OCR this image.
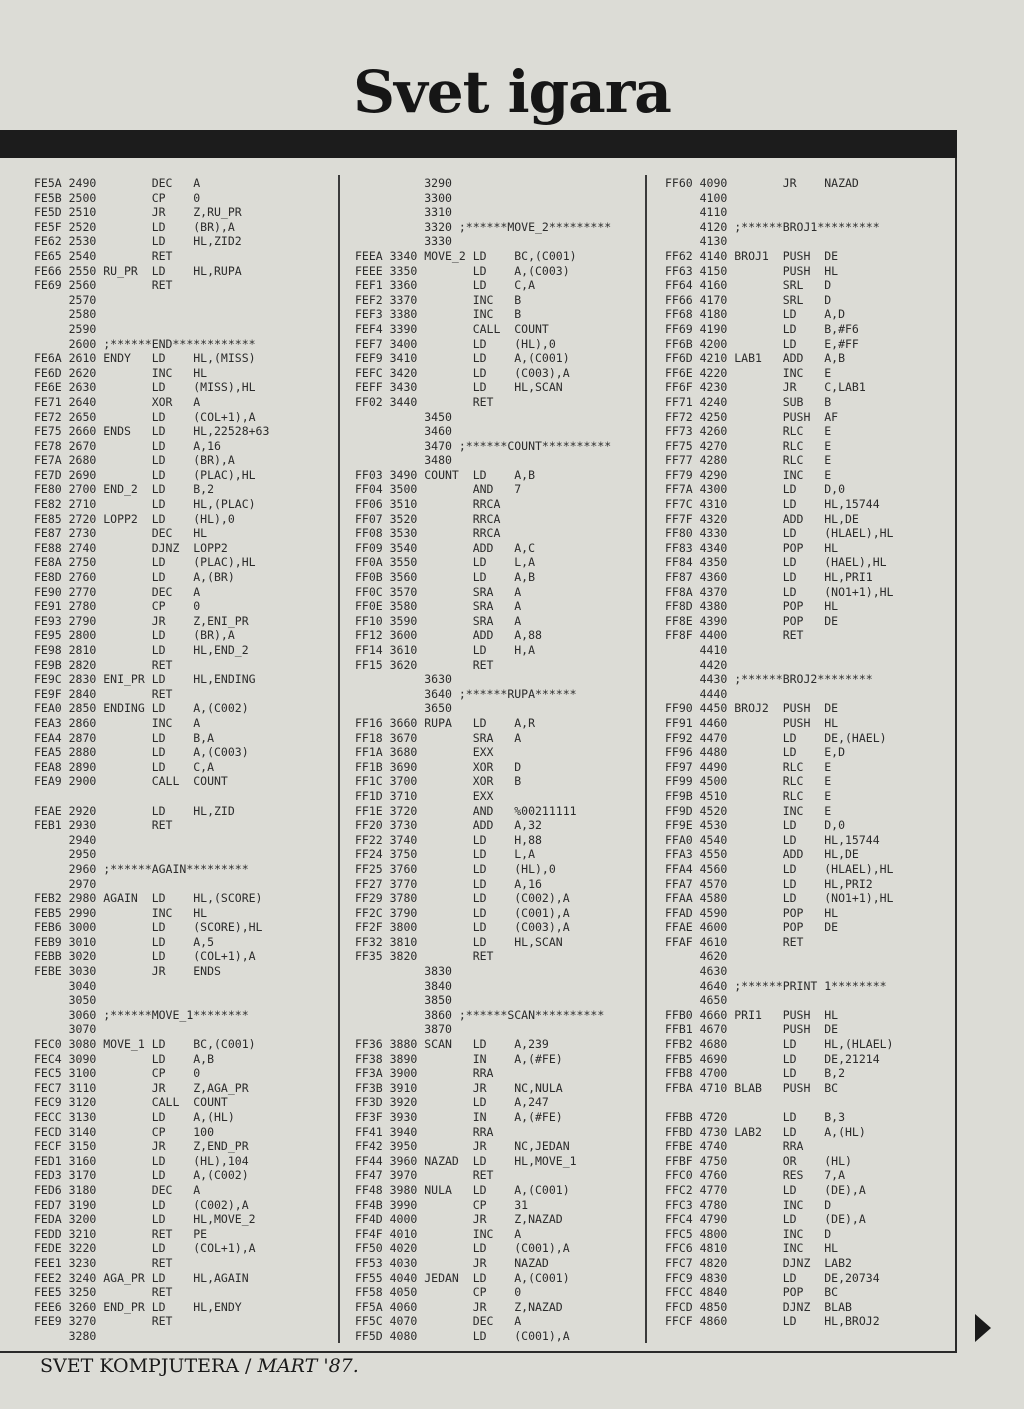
Svet igara
FE5A 2490        DEC   A
FE5B 2500        CP    0
FE5D 2510        JR    Z,RU_PR
FE5F 2520        LD    (BR),A
FE62 2530        LD    HL,ZID2
FE65 2540        RET
FE66 2550 RU_PR  LD    HL,RUPA
FE69 2560        RET
2570
2580
2590
2600 ;******END************
FE6A 2610 ENDY   LD    HL,(MISS)
FE6D 2620        INC   HL
FE6E 2630        LD    (MISS),HL
FE71 2640        XOR   A
FE72 2650        LD    (COL+1),A
FE75 2660 ENDS   LD    HL,22528+63
FE78 2670        LD    A,16
FE7A 2680        LD    (BR),A
FE7D 2690        LD    (PLAC),HL
FE80 2700 END_2  LD    B,2
FE82 2710        LD    HL,(PLAC)
FE85 2720 LOPP2  LD    (HL),0
FE87 2730        DEC   HL
FE88 2740        DJNZ  LOPP2
FE8A 2750        LD    (PLAC),HL
FE8D 2760        LD    A,(BR)
FE90 2770        DEC   A
FE91 2780        CP    0
FE93 2790        JR    Z,ENI_PR
FE95 2800        LD    (BR),A
FE98 2810        LD    HL,END_2
FE9B 2820        RET
FE9C 2830 ENI_PR LD    HL,ENDING
FE9F 2840        RET
FEA0 2850 ENDING LD    A,(C002)
FEA3 2860        INC   A
FEA4 2870        LD    B,A
FEA5 2880        LD    A,(C003)
FEA8 2890        LD    C,A
FEA9 2900        CALL  COUNT
FEAE 2920        LD    HL,ZID
FEB1 2930        RET
2940
2950
2960 ;******AGAIN*********
2970
FEB2 2980 AGAIN  LD    HL,(SCORE)
FEB5 2990        INC   HL
FEB6 3000        LD    (SCORE),HL
FEB9 3010        LD    A,5
FEBB 3020        LD    (COL+1),A
FEBE 3030        JR    ENDS
3040
3050
3060 ;******MOVE_1********
3070
FEC0 3080 MOVE_1 LD    BC,(C001)
FEC4 3090        LD    A,B
FEC5 3100        CP    0
FEC7 3110        JR    Z,AGA_PR
FEC9 3120        CALL  COUNT
FECC 3130        LD    A,(HL)
FECD 3140        CP    100
FECF 3150        JR    Z,END_PR
FED1 3160        LD    (HL),104
FED3 3170        LD    A,(C002)
FED6 3180        DEC   A
FED7 3190        LD    (C002),A
FEDA 3200        LD    HL,MOVE_2
FEDD 3210        RET   PE
FEDE 3220        LD    (COL+1),A
FEE1 3230        RET
FEE2 3240 AGA_PR LD    HL,AGAIN
FEE5 3250        RET
FEE6 3260 END_PR LD    HL,ENDY
FEE9 3270        RET
3280
3290
3300
3310
3320 ;******MOVE_2*********
3330
FEEA 3340 MOVE_2 LD    BC,(C001)
FEEE 3350        LD    A,(C003)
FEF1 3360        LD    C,A
FEF2 3370        INC   B
FEF3 3380        INC   B
FEF4 3390        CALL  COUNT
FEF7 3400        LD    (HL),0
FEF9 3410        LD    A,(C001)
FEFC 3420        LD    (C003),A
FEFF 3430        LD    HL,SCAN
FF02 3440        RET
3450
3460
3470 ;******COUNT**********
3480
FF03 3490 COUNT  LD    A,B
FF04 3500        AND   7
FF06 3510        RRCA
FF07 3520        RRCA
FF08 3530        RRCA
FF09 3540        ADD   A,C
FF0A 3550        LD    L,A
FF0B 3560        LD    A,B
FF0C 3570        SRA   A
FF0E 3580        SRA   A
FF10 3590        SRA   A
FF12 3600        ADD   A,88
FF14 3610        LD    H,A
FF15 3620        RET
3630
3640 ;******RUPA******
3650
FF16 3660 RUPA   LD    A,R
FF18 3670        SRA   A
FF1A 3680        EXX
FF1B 3690        XOR   D
FF1C 3700        XOR   B
FF1D 3710        EXX
FF1E 3720        AND   %00211111
FF20 3730        ADD   A,32
FF22 3740        LD    H,88
FF24 3750        LD    L,A
FF25 3760        LD    (HL),0
FF27 3770        LD    A,16
FF29 3780        LD    (C002),A
FF2C 3790        LD    (C001),A
FF2F 3800        LD    (C003),A
FF32 3810        LD    HL,SCAN
FF35 3820        RET
3830
3840
3850
3860 ;******SCAN**********
3870
FF36 3880 SCAN   LD    A,239
FF38 3890        IN    A,(#FE)
FF3A 3900        RRA
FF3B 3910        JR    NC,NULA
FF3D 3920        LD    A,247
FF3F 3930        IN    A,(#FE)
FF41 3940        RRA
FF42 3950        JR    NC,JEDAN
FF44 3960 NAZAD  LD    HL,MOVE_1
FF47 3970        RET
FF48 3980 NULA   LD    A,(C001)
FF4B 3990        CP    31
FF4D 4000        JR    Z,NAZAD
FF4F 4010        INC   A
FF50 4020        LD    (C001),A
FF53 4030        JR    NAZAD
FF55 4040 JEDAN  LD    A,(C001)
FF58 4050        CP    0
FF5A 4060        JR    Z,NAZAD
FF5C 4070        DEC   A
FF5D 4080        LD    (C001),A
FF60 4090        JR    NAZAD
4100
4110
4120 ;******BROJ1*********
4130
FF62 4140 BROJ1  PUSH  DE
FF63 4150        PUSH  HL
FF64 4160        SRL   D
FF66 4170        SRL   D
FF68 4180        LD    A,D
FF69 4190        LD    B,#F6
FF6B 4200        LD    E,#FF
FF6D 4210 LAB1   ADD   A,B
FF6E 4220        INC   E
FF6F 4230        JR    C,LAB1
FF71 4240        SUB   B
FF72 4250        PUSH  AF
FF73 4260        RLC   E
FF75 4270        RLC   E
FF77 4280        RLC   E
FF79 4290        INC   E
FF7A 4300        LD    D,0
FF7C 4310        LD    HL,15744
FF7F 4320        ADD   HL,DE
FF80 4330        LD    (HLAEL),HL
FF83 4340        POP   HL
FF84 4350        LD    (HAEL),HL
FF87 4360        LD    HL,PRI1
FF8A 4370        LD    (NO1+1),HL
FF8D 4380        POP   HL
FF8E 4390        POP   DE
FF8F 4400        RET
4410
4420
4430 ;******BROJ2********
4440
FF90 4450 BROJ2  PUSH  DE
FF91 4460        PUSH  HL
FF92 4470        LD    DE,(HAEL)
FF96 4480        LD    E,D
FF97 4490        RLC   E
FF99 4500        RLC   E
FF9B 4510        RLC   E
FF9D 4520        INC   E
FF9E 4530        LD    D,0
FFA0 4540        LD    HL,15744
FFA3 4550        ADD   HL,DE
FFA4 4560        LD    (HLAEL),HL
FFA7 4570        LD    HL,PRI2
FFAA 4580        LD    (NO1+1),HL
FFAD 4590        POP   HL
FFAE 4600        POP   DE
FFAF 4610        RET
4620
4630
4640 ;******PRINT 1********
4650
FFB0 4660 PRI1   PUSH  HL
FFB1 4670        PUSH  DE
FFB2 4680        LD    HL,(HLAEL)
FFB5 4690        LD    DE,21214
FFB8 4700        LD    B,2
FFBA 4710 BLAB   PUSH  BC
FFBB 4720        LD    B,3
FFBD 4730 LAB2   LD    A,(HL)
FFBE 4740        RRA
FFBF 4750        OR    (HL)
FFC0 4760        RES   7,A
FFC2 4770        LD    (DE),A
FFC3 4780        INC   D
FFC4 4790        LD    (DE),A
FFC5 4800        INC   D
FFC6 4810        INC   HL
FFC7 4820        DJNZ  LAB2
FFC9 4830        LD    DE,20734
FFCC 4840        POP   BC
FFCD 4850        DJNZ  BLAB
FFCF 4860        LD    HL,BROJ2
SVET KOMPJUTERA / MART '87.
